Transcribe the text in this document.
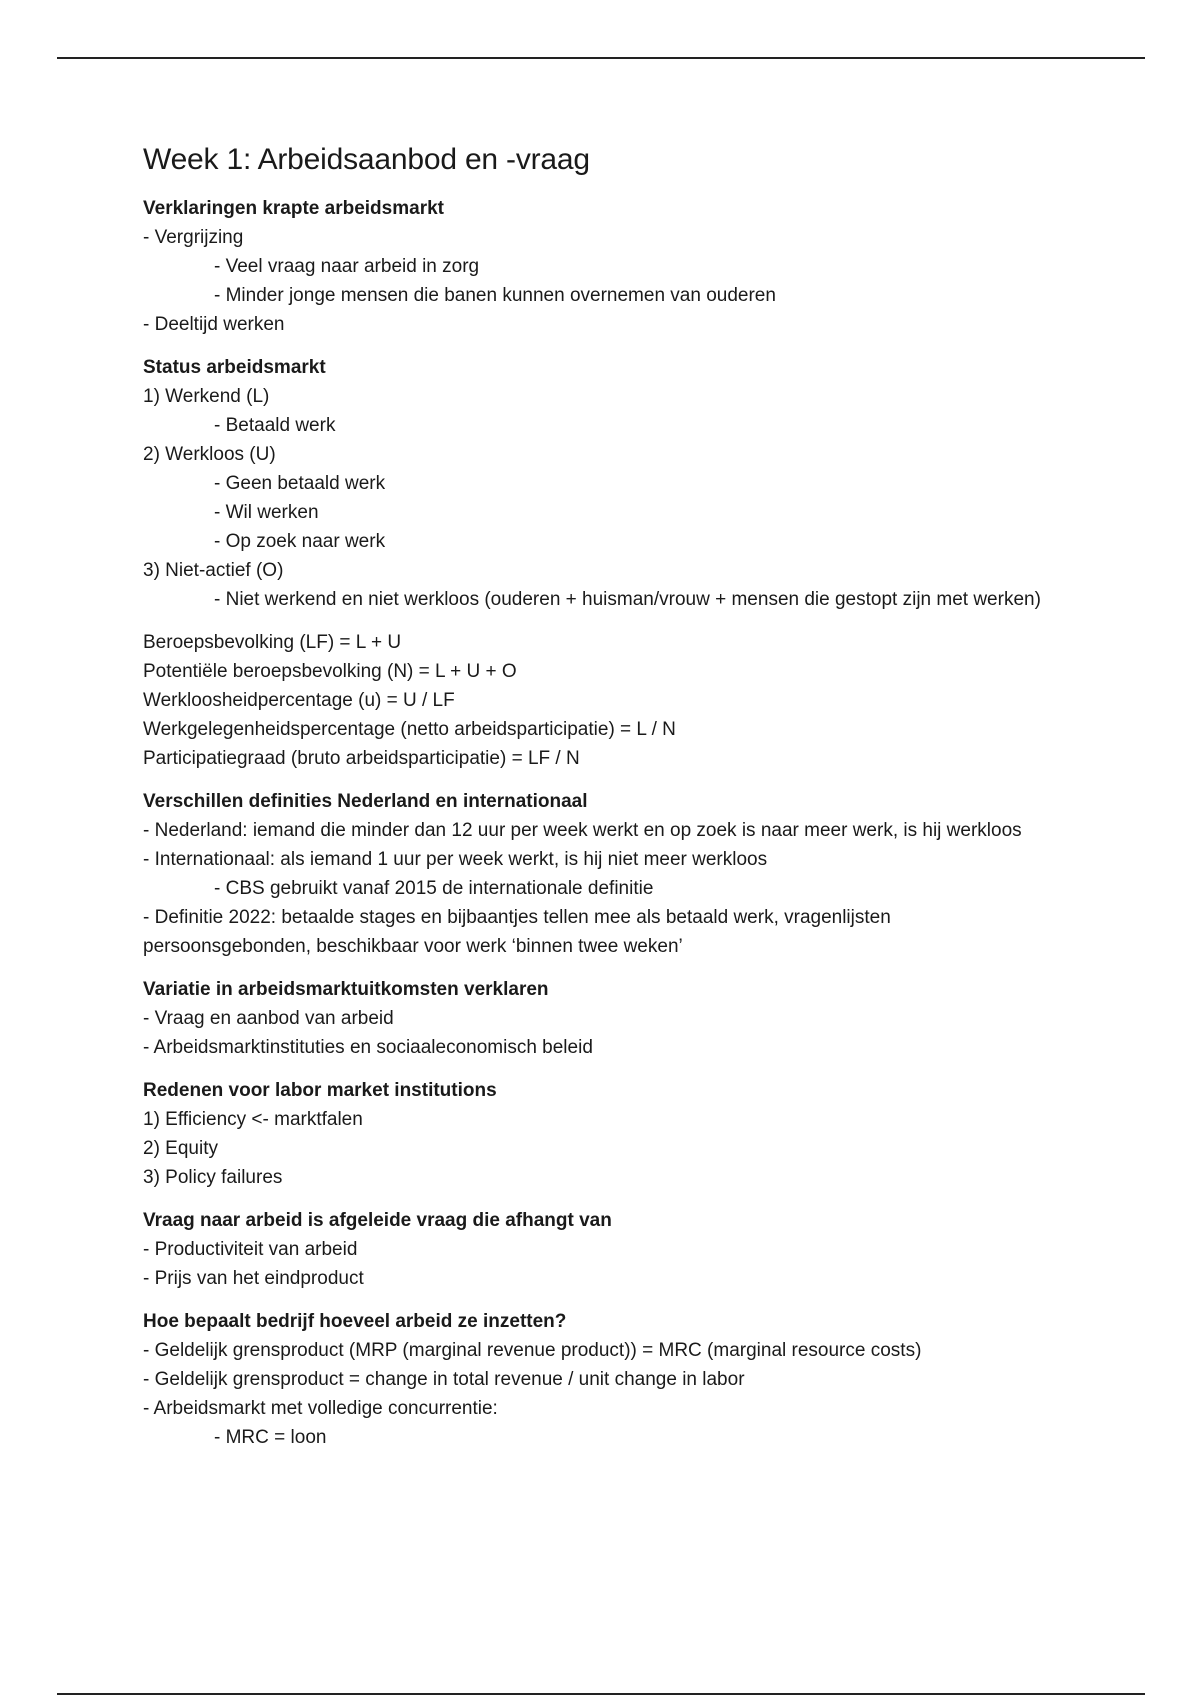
Week 1: Arbeidsaanbod en -vraag
Verklaringen krapte arbeidsmarkt
- Vergrijzing
- Veel vraag naar arbeid in zorg
- Minder jonge mensen die banen kunnen overnemen van ouderen
- Deeltijd werken
Status arbeidsmarkt
1) Werkend (L)
- Betaald werk
2) Werkloos (U)
- Geen betaald werk
- Wil werken
- Op zoek naar werk
3) Niet-actief (O)
- Niet werkend en niet werkloos (ouderen + huisman/vrouw + mensen die gestopt zijn met werken)
Beroepsbevolking (LF) = L + U
Potentiële beroepsbevolking (N) = L + U + O
Werkloosheidpercentage (u) = U / LF
Werkgelegenheidspercentage (netto arbeidsparticipatie) = L / N
Participatiegraad (bruto arbeidsparticipatie) = LF / N
Verschillen definities Nederland en internationaal
- Nederland: iemand die minder dan 12 uur per week werkt en op zoek is naar meer werk, is hij werkloos
- Internationaal: als iemand 1 uur per week werkt, is hij niet meer werkloos
- CBS gebruikt vanaf 2015 de internationale definitie
- Definitie 2022: betaalde stages en bijbaantjes tellen mee als betaald werk, vragenlijsten persoonsgebonden, beschikbaar voor werk ‘binnen twee weken’
Variatie in arbeidsmarktuitkomsten verklaren
- Vraag en aanbod van arbeid
- Arbeidsmarktinstituties en sociaaleconomisch beleid
Redenen voor labor market institutions
1) Efficiency <- marktfalen
2) Equity
3) Policy failures
Vraag naar arbeid is afgeleide vraag die afhangt van
- Productiviteit van arbeid
- Prijs van het eindproduct
Hoe bepaalt bedrijf hoeveel arbeid ze inzetten?
- Geldelijk grensproduct (MRP (marginal revenue product)) = MRC (marginal resource costs)
- Geldelijk grensproduct = change in total revenue / unit change in labor
- Arbeidsmarkt met volledige concurrentie:
- MRC = loon
